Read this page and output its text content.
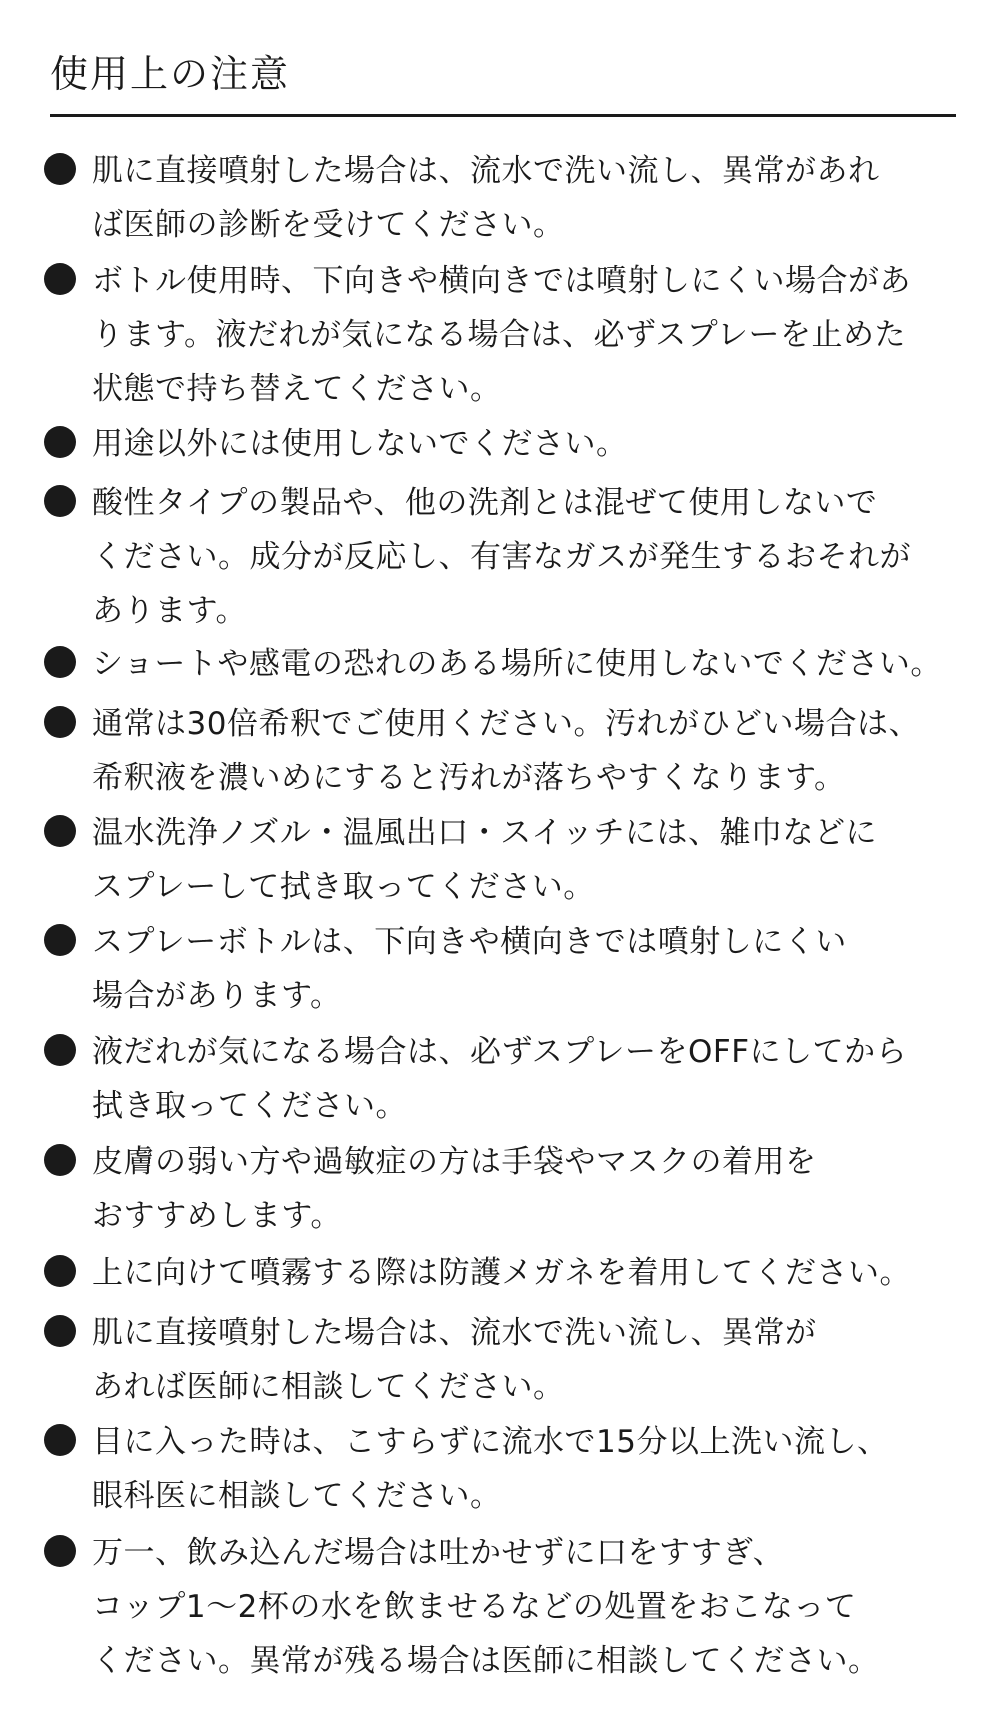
使用上の注意
肌に直接噴射した場合は、流水で洗い流し、異常があれ
ば医師の診断を受けてください。
ボトル使用時、下向きや横向きでは噴射しにくい場合があ
ります。液だれが気になる場合は、必ずスプレーを止めた
状態で持ち替えてください。
用途以外には使用しないでください。
酸性タイプの製品や、他の洗剤とは混ぜて使用しないで
ください。成分が反応し、有害なガスが発生するおそれが
あります。
ショートや感電の恐れのある場所に使用しないでください。
通常は30倍希釈でご使用ください。汚れがひどい場合は、
希釈液を濃いめにすると汚れが落ちやすくなります。
温水洗浄ノズル・温風出口・スイッチには、雑巾などに
スプレーして拭き取ってください。
スプレーボトルは、下向きや横向きでは噴射しにくい
場合があります。
液だれが気になる場合は、必ずスプレーをOFFにしてから
拭き取ってください。
皮膚の弱い方や過敏症の方は手袋やマスクの着用を
おすすめします。
上に向けて噴霧する際は防護メガネを着用してください。
肌に直接噴射した場合は、流水で洗い流し、異常が
あれば医師に相談してください。
目に入った時は、こすらずに流水で15分以上洗い流し、
眼科医に相談してください。
万一、飲み込んだ場合は吐かせずに口をすすぎ、
コップ1〜2杯の水を飲ませるなどの処置をおこなって
ください。異常が残る場合は医師に相談してください。
